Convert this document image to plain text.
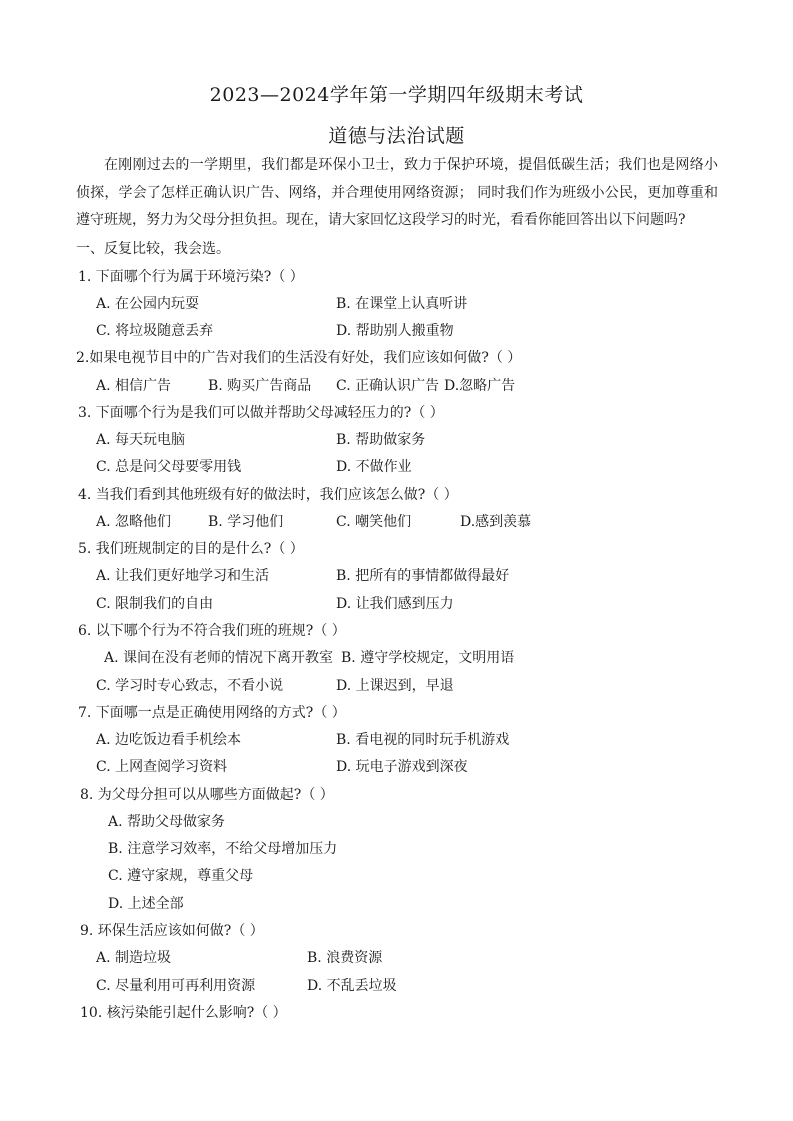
2023—2024学年第一学期四年级期末考试
道德与法治试题
在刚刚过去的一学期里，我们都是环保小卫士，致力于保护环境，提倡低碳生活；我们也是网络小侦探，学会了怎样正确认识广告、网络，并合理使用网络资源； 同时我们作为班级小公民，更加尊重和遵守班规，努力为父母分担负担。现在，请大家回忆这段学习的时光，看看你能回答出以下问题吗?
一、反复比较，我会选。
1. 下面哪个行为属于环境污染?（ ）
A. 在公园内玩耍	B. 在课堂上认真听讲
C. 将垃圾随意丢弃	D. 帮助别人搬重物
2.如果电视节目中的广告对我们的生活没有好处，我们应该如何做?（ ）
A. 相信广告	B. 购买广告商品 C. 正确认识广告 D.忽略广告
3. 下面哪个行为是我们可以做并帮助父母减轻压力的?（ ）
A. 每天玩电脑	B. 帮助做家务
C. 总是问父母要零用钱	D. 不做作业
4. 当我们看到其他班级有好的做法时，我们应该怎么做?（ ）
A. 忽略他们	B. 学习他们	C. 嘲笑他们	D.感到羡慕
5. 我们班规制定的目的是什么?（ ）
A. 让我们更好地学习和生活	B. 把所有的事情都做得最好
C. 限制我们的自由	D. 让我们感到压力
6. 以下哪个行为不符合我们班的班规?（ ）
A. 课间在没有老师的情况下离开教室 B. 遵守学校规定，文明用语
C. 学习时专心致志，不看小说	D. 上课迟到，早退
7. 下面哪一点是正确使用网络的方式?（ ）
A. 边吃饭边看手机绘本	B. 看电视的同时玩手机游戏
C. 上网查阅学习资料	D. 玩电子游戏到深夜
8. 为父母分担可以从哪些方面做起?（ ）
A. 帮助父母做家务
B. 注意学习效率，不给父母增加压力
C. 遵守家规，尊重父母
D. 上述全部
9. 环保生活应该如何做?（ ）
A. 制造垃圾	B. 浪费资源
C. 尽量利用可再利用资源	D. 不乱丢垃圾
10. 核污染能引起什么影响?（ ）
